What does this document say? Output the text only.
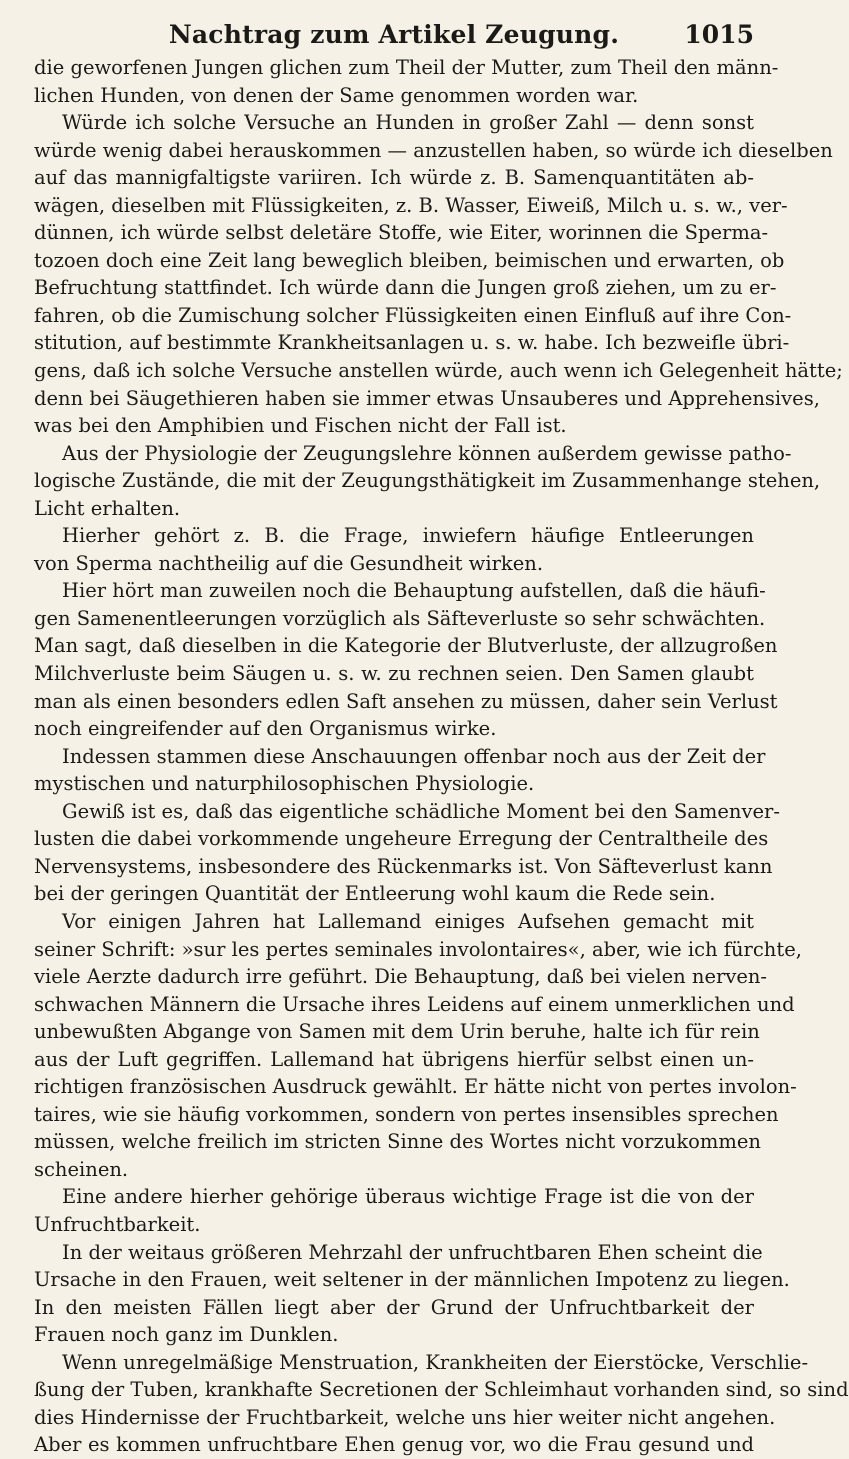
Nachtrag zum Artikel Zeugung.	1015
die geworfenen Jungen glichen zum Theil der Mutter, zum Theil den männ-
lichen Hunden, von denen der Same genommen worden war.
Würde ich solche Versuche an Hunden in großer Zahl — denn sonst
würde wenig dabei herauskommen — anzustellen haben, so würde ich dieselben
auf das mannigfaltigste variiren. Ich würde z. B. Samenquantitäten ab-
wägen, dieselben mit Flüssigkeiten, z. B. Wasser, Eiweiß, Milch u. s. w., ver-
dünnen, ich würde selbst deletäre Stoffe, wie Eiter, worinnen die Sperma-
tozoen doch eine Zeit lang beweglich bleiben, beimischen und erwarten, ob
Befruchtung stattfindet. Ich würde dann die Jungen groß ziehen, um zu er-
fahren, ob die Zumischung solcher Flüssigkeiten einen Einfluß auf ihre Con-
stitution, auf bestimmte Krankheitsanlagen u. s. w. habe. Ich bezweifle übri-
gens, daß ich solche Versuche anstellen würde, auch wenn ich Gelegenheit hätte;
denn bei Säugethieren haben sie immer etwas Unsauberes und Apprehensives,
was bei den Amphibien und Fischen nicht der Fall ist.
Aus der Physiologie der Zeugungslehre können außerdem gewisse patho-
logische Zustände, die mit der Zeugungsthätigkeit im Zusammenhange stehen,
Licht erhalten.
Hierher gehört z. B. die Frage, inwiefern häufige Entleerungen
von Sperma nachtheilig auf die Gesundheit wirken.
Hier hört man zuweilen noch die Behauptung aufstellen, daß die häufi-
gen Samenentleerungen vorzüglich als Säfteverluste so sehr schwächten.
Man sagt, daß dieselben in die Kategorie der Blutverluste, der allzugroßen
Milchverluste beim Säugen u. s. w. zu rechnen seien. Den Samen glaubt
man als einen besonders edlen Saft ansehen zu müssen, daher sein Verlust
noch eingreifender auf den Organismus wirke.
Indessen stammen diese Anschauungen offenbar noch aus der Zeit der
mystischen und naturphilosophischen Physiologie.
Gewiß ist es, daß das eigentliche schädliche Moment bei den Samenver-
lusten die dabei vorkommende ungeheure Erregung der Centraltheile des
Nervensystems, insbesondere des Rückenmarks ist. Von Säfteverlust kann
bei der geringen Quantität der Entleerung wohl kaum die Rede sein.
Vor einigen Jahren hat Lallemand einiges Aufsehen gemacht mit
seiner Schrift: »sur les pertes seminales involontaires«, aber, wie ich fürchte,
viele Aerzte dadurch irre geführt. Die Behauptung, daß bei vielen nerven-
schwachen Männern die Ursache ihres Leidens auf einem unmerklichen und
unbewußten Abgange von Samen mit dem Urin beruhe, halte ich für rein
aus der Luft gegriffen. Lallemand hat übrigens hierfür selbst einen un-
richtigen französischen Ausdruck gewählt. Er hätte nicht von pertes involon-
taires, wie sie häufig vorkommen, sondern von pertes insensibles sprechen
müssen, welche freilich im stricten Sinne des Wortes nicht vorzukommen
scheinen.
Eine andere hierher gehörige überaus wichtige Frage ist die von der
Unfruchtbarkeit.
In der weitaus größeren Mehrzahl der unfruchtbaren Ehen scheint die
Ursache in den Frauen, weit seltener in der männlichen Impotenz zu liegen.
In den meisten Fällen liegt aber der Grund der Unfruchtbarkeit der
Frauen noch ganz im Dunklen.
Wenn unregelmäßige Menstruation, Krankheiten der Eierstöcke, Verschlie-
ßung der Tuben, krankhafte Secretionen der Schleimhaut vorhanden sind, so sind
dies Hindernisse der Fruchtbarkeit, welche uns hier weiter nicht angehen.
Aber es kommen unfruchtbare Ehen genug vor, wo die Frau gesund und
